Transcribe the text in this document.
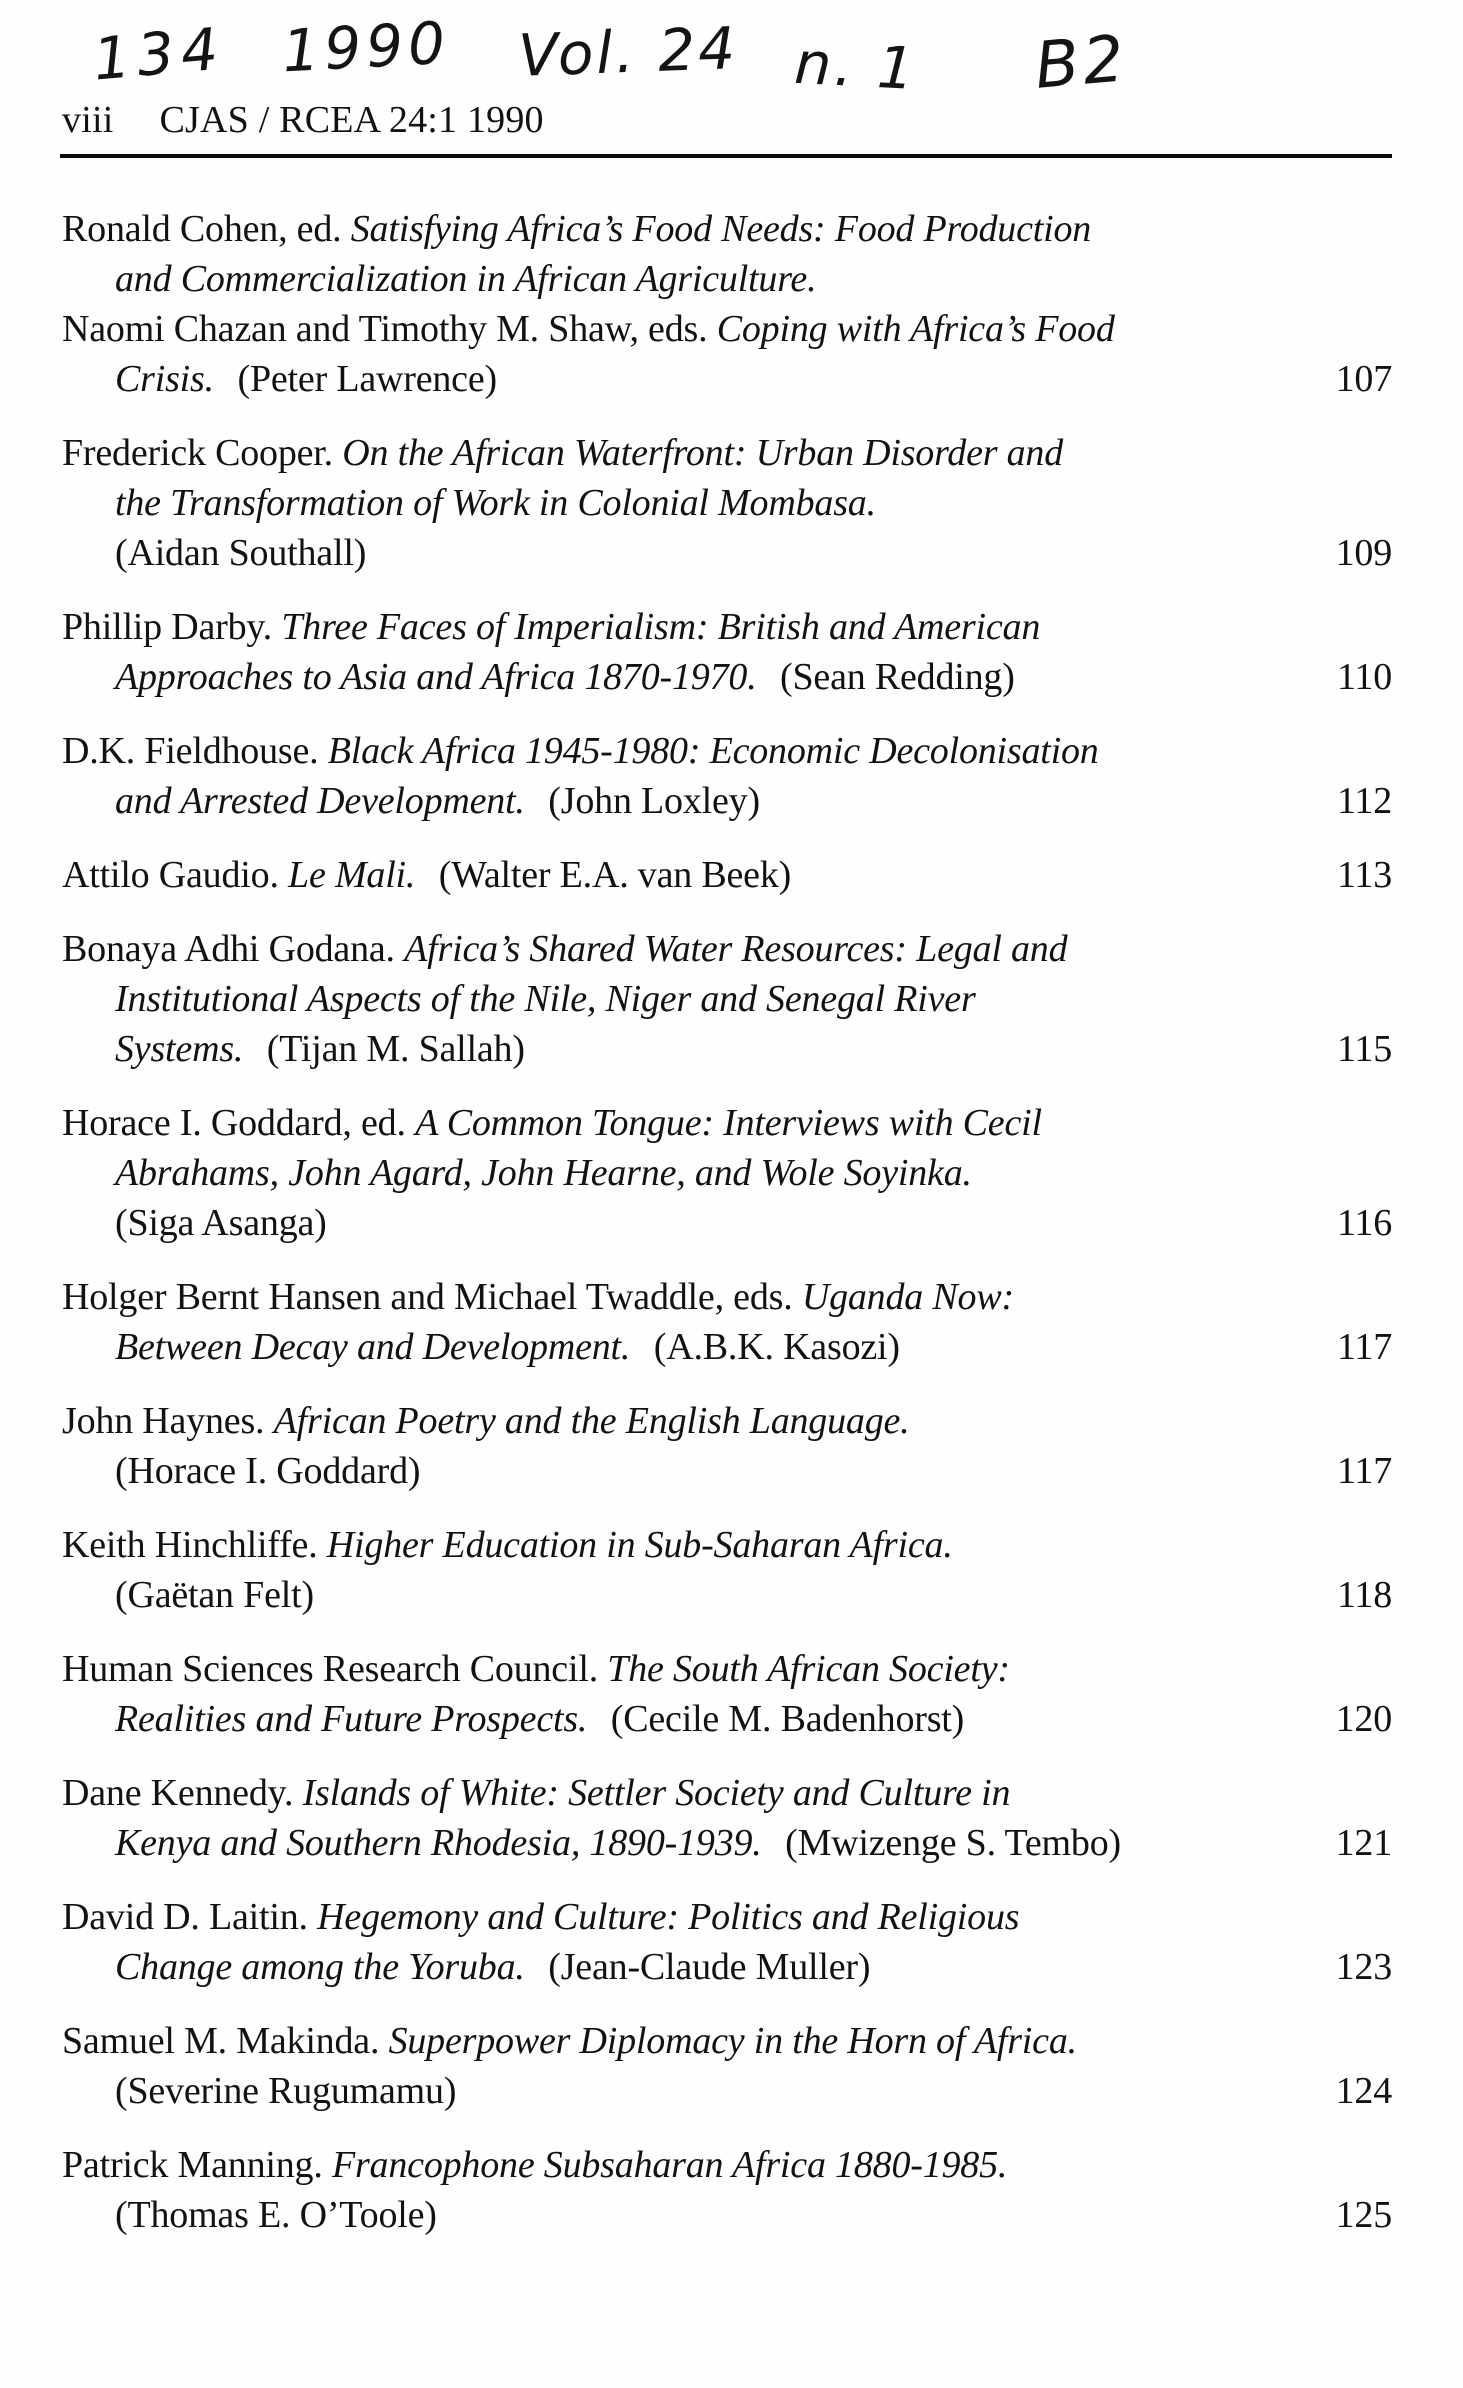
134 1990 Vol. 24 n. 1 B2
viii CJAS / RCEA 24:1 1990
Ronald Cohen, ed. Satisfying Africa’s Food Needs: Food Production
and Commercialization in African Agriculture.
Naomi Chazan and Timothy M. Shaw, eds. Coping with Africa’s Food
Crisis. (Peter Lawrence)	107
Frederick Cooper. On the African Waterfront: Urban Disorder and
the Transformation of Work in Colonial Mombasa.
(Aidan Southall)	109
Phillip Darby. Three Faces of Imperialism: British and American
Approaches to Asia and Africa 1870-1970. (Sean Redding)	110
D.K. Fieldhouse. Black Africa 1945-1980: Economic Decolonisation
and Arrested Development. (John Loxley)	112
Attilo Gaudio. Le Mali. (Walter E.A. van Beek)	113
Bonaya Adhi Godana. Africa’s Shared Water Resources: Legal and
Institutional Aspects of the Nile, Niger and Senegal River
Systems. (Tijan M. Sallah)	115
Horace I. Goddard, ed. A Common Tongue: Interviews with Cecil
Abrahams, John Agard, John Hearne, and Wole Soyinka.
(Siga Asanga)	116
Holger Bernt Hansen and Michael Twaddle, eds. Uganda Now:
Between Decay and Development. (A.B.K. Kasozi)	117
John Haynes. African Poetry and the English Language.
(Horace I. Goddard)	117
Keith Hinchliffe. Higher Education in Sub-Saharan Africa.
(Gaëtan Felt)	118
Human Sciences Research Council. The South African Society:
Realities and Future Prospects. (Cecile M. Badenhorst)	120
Dane Kennedy. Islands of White: Settler Society and Culture in
Kenya and Southern Rhodesia, 1890-1939. (Mwizenge S. Tembo)	121
David D. Laitin. Hegemony and Culture: Politics and Religious
Change among the Yoruba. (Jean-Claude Muller)	123
Samuel M. Makinda. Superpower Diplomacy in the Horn of Africa.
(Severine Rugumamu)	124
Patrick Manning. Francophone Subsaharan Africa 1880-1985.
(Thomas E. O’Toole)	125
